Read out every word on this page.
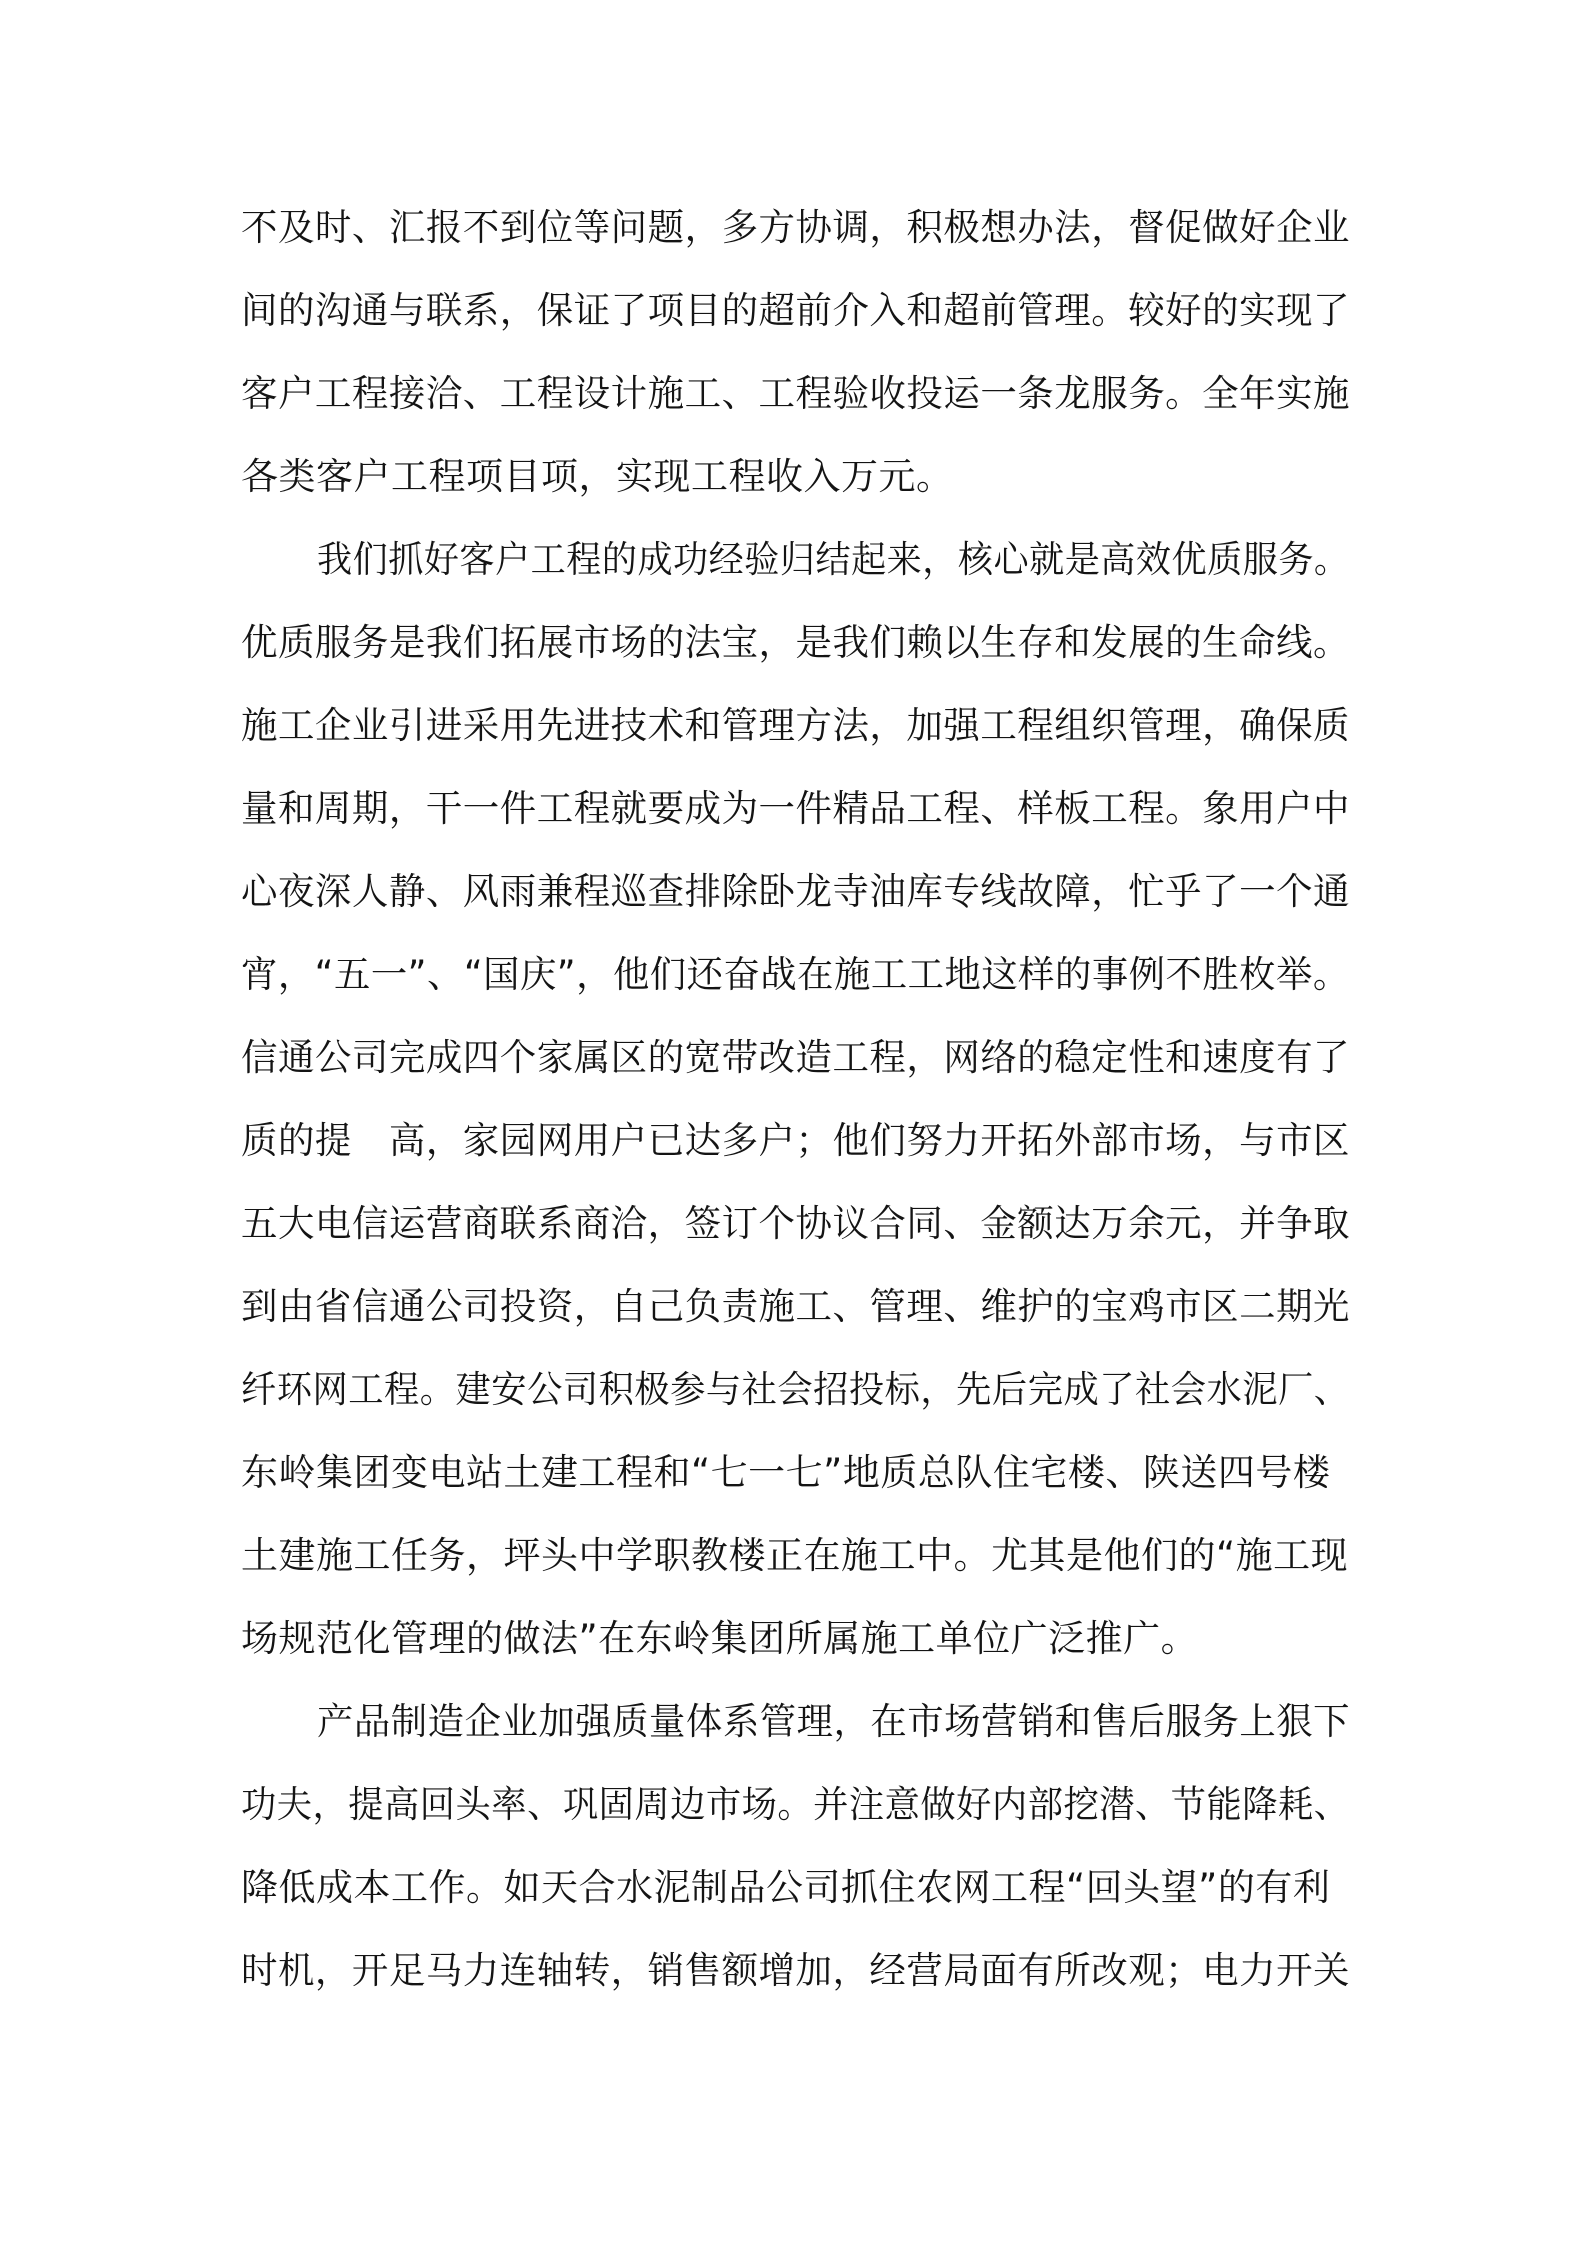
不及时、汇报不到位等问题，多方协调，积极想办法，督促做好企业

间的沟通与联系，保证了项目的超前介入和超前管理。较好的实现了

客户工程接洽、工程设计施工、工程验收投运一条龙服务。全年实施

各类客户工程项目项，实现工程收入万元。

我们抓好客户工程的成功经验归结起来，核心就是高效优质服务。

优质服务是我们拓展市场的法宝，是我们赖以生存和发展的生命线。

施工企业引进采用先进技术和管理方法，加强工程组织管理，确保质

量和周期，干一件工程就要成为一件精品工程、样板工程。象用户中

心夜深人静、风雨兼程巡查排除卧龙寺油库专线故障，忙乎了一个通

宵，“五一”、“国庆”，他们还奋战在施工工地这样的事例不胜枚举。

信通公司完成四个家属区的宽带改造工程，网络的稳定性和速度有了

质的提　高，家园网用户已达多户；他们努力开拓外部市场，与市区

五大电信运营商联系商洽，签订个协议合同、金额达万余元，并争取

到由省信通公司投资，自己负责施工、管理、维护的宝鸡市区二期光

纤环网工程。建安公司积极参与社会招投标，先后完成了社会水泥厂、

东岭集团变电站土建工程和“七一七”地质总队住宅楼、陕送四号楼

土建施工任务，坪头中学职教楼正在施工中。尤其是他们的“施工现

场规范化管理的做法”在东岭集团所属施工单位广泛推广。

产品制造企业加强质量体系管理，在市场营销和售后服务上狠下

功夫，提高回头率、巩固周边市场。并注意做好内部挖潜、节能降耗、

降低成本工作。如天合水泥制品公司抓住农网工程“回头望”的有利

时机，开足马力连轴转，销售额增加，经营局面有所改观；电力开关
